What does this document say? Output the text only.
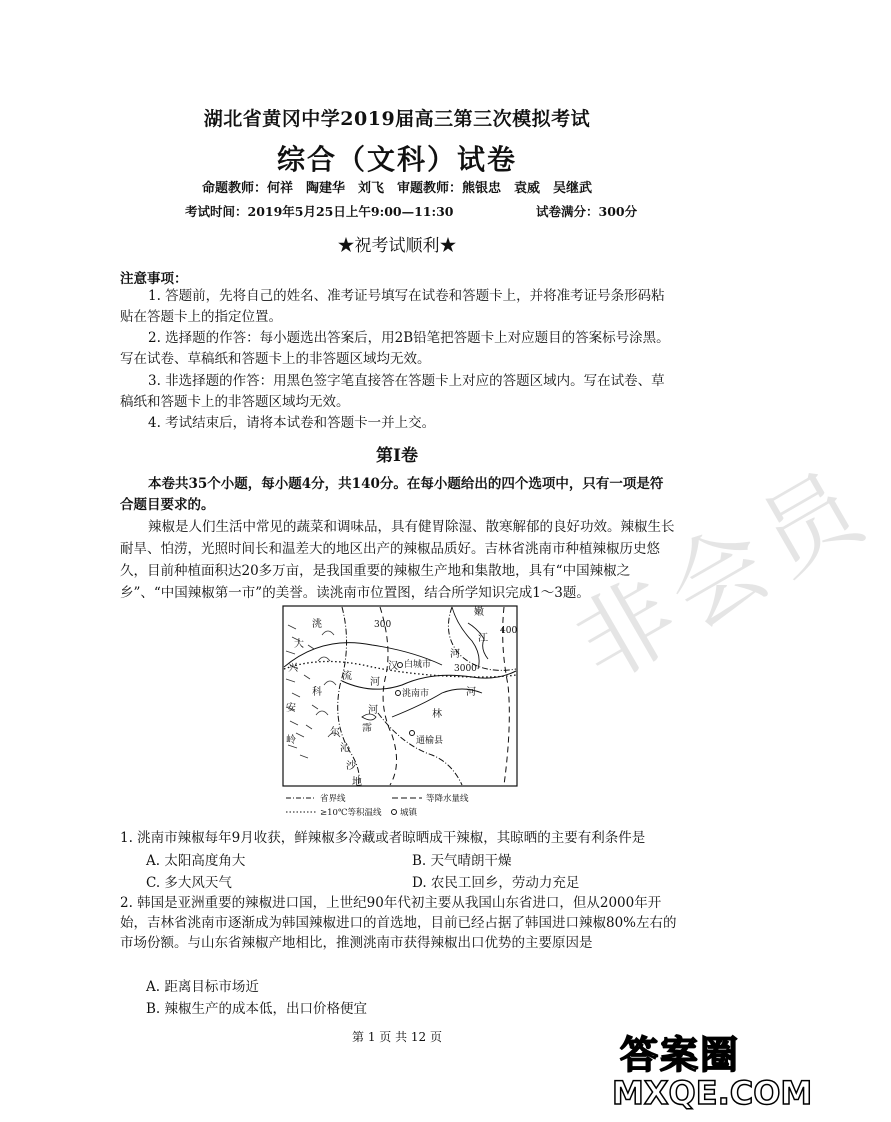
湖北省黄冈中学2019届高三第三次模拟考试
综合（文科）试卷
命题教师：何祥　陶建华　刘飞　审题教师：熊银忠　袁威　吴继武
考试时间：2019年5月25日上午9:00—11:30	试卷满分：300分
★祝考试顺利★
注意事项：
1. 答题前，先将自己的姓名、准考证号填写在试卷和答题卡上，并将准考证号条形码粘贴在答题卡上的指定位置。
2. 选择题的作答：每小题选出答案后，用2B铅笔把答题卡上对应题目的答案标号涂黑。写在试卷、草稿纸和答题卡上的非答题区域均无效。
3. 非选择题的作答：用黑色签字笔直接答在答题卡上对应的答题区域内。写在试卷、草稿纸和答题卡上的非答题区域均无效。
4. 考试结束后，请将本试卷和答题卡一并上交。
第Ⅰ卷
本卷共35个小题，每小题4分，共140分。在每小题给出的四个选项中，只有一项是符合题目要求的。
辣椒是人们生活中常见的蔬菜和调味品，具有健胃除湿、散寒解郁的良好功效。辣椒生长耐旱、怕涝，光照时间长和温差大的地区出产的辣椒品质好。吉林省洮南市种植辣椒历史悠久，目前种植面积达20多万亩，是我国重要的辣椒生产地和集散地，具有“中国辣椒之乡”、“中国辣椒第一市”的美誉。读洮南市位置图，结合所学知识完成1～3题。
洮
大
兴
安
岭
嫩
江
河
河
河
汉
流
河
科
尔
沁
沙
地
林
霈
白城市
洮南市
通榆县
300
400
3000
省界线	等降水量线
≥10℃等积温线 城镇
1. 洮南市辣椒每年9月收获，鲜辣椒多冷藏或者晾晒成干辣椒，其晾晒的主要有利条件是
A. 太阳高度角大	B. 天气晴朗干燥
C. 多大风天气	D. 农民工回乡，劳动力充足
2. 韩国是亚洲重要的辣椒进口国，上世纪90年代初主要从我国山东省进口，但从2000年开始，吉林省洮南市逐渐成为韩国辣椒进口的首选地，目前已经占据了韩国进口辣椒80%左右的市场份额。与山东省辣椒产地相比，推测洮南市获得辣椒出口优势的主要原因是
A. 距离目标市场近
B. 辣椒生产的成本低，出口价格便宜
第 1 页 共 12 页
非会员
答案圈
MXQE.COM
